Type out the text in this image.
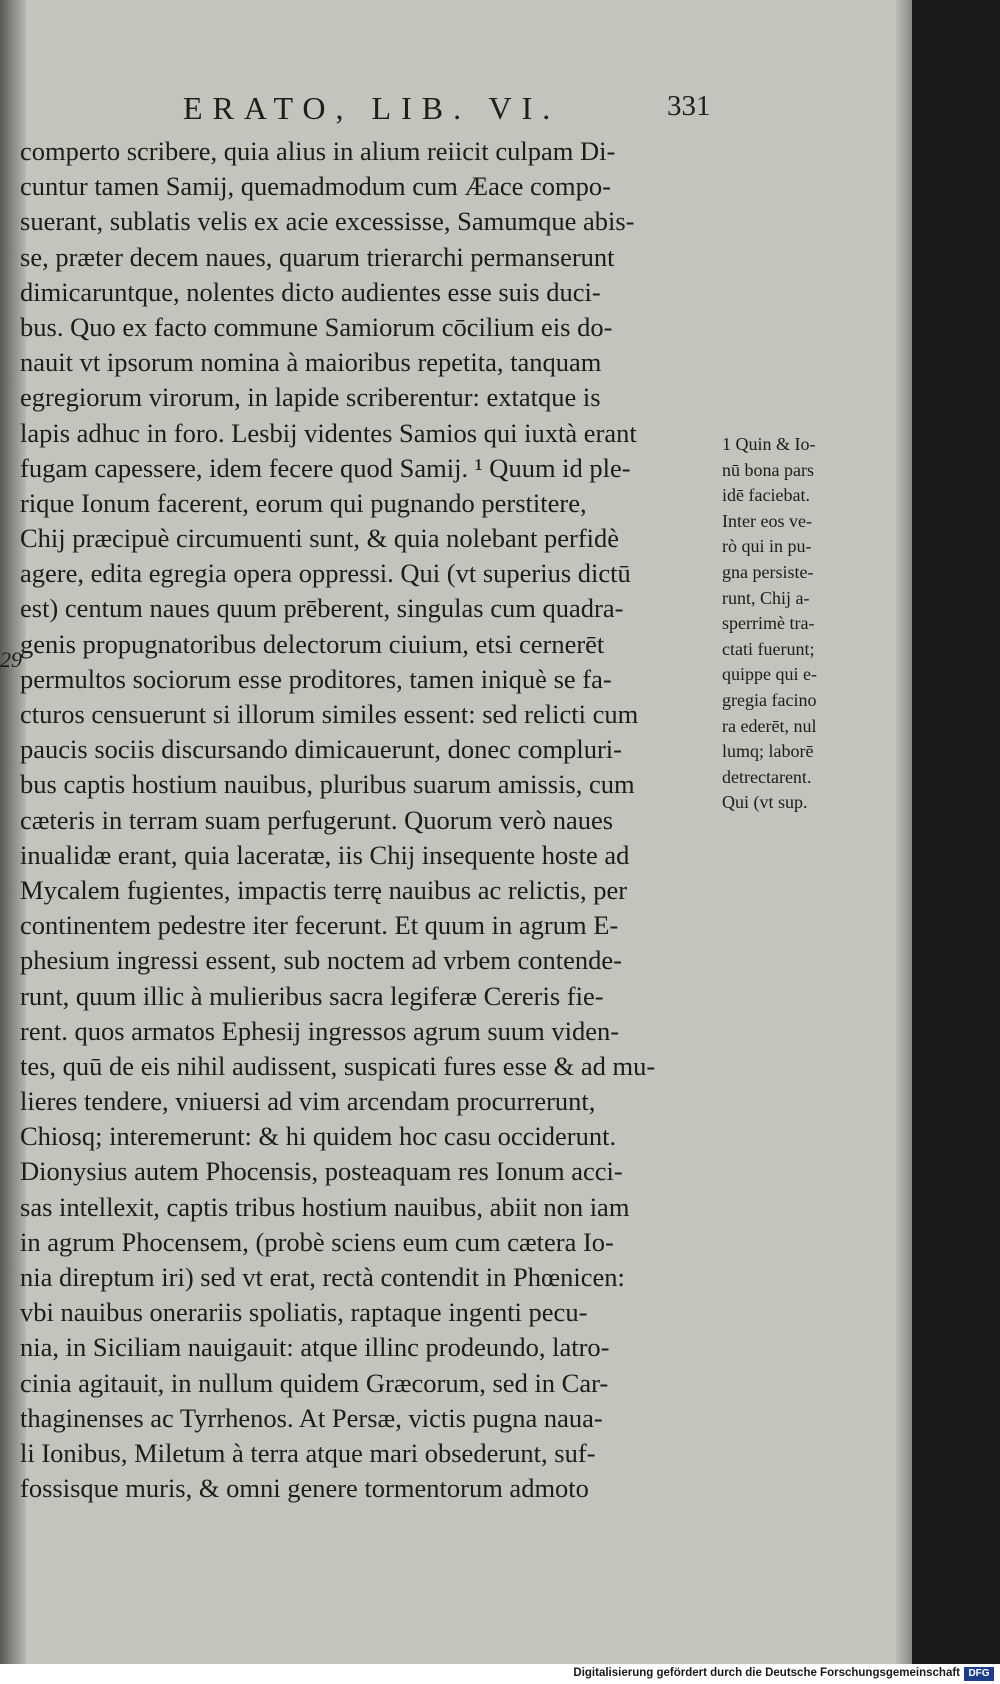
ERATO, LIB. VI.	331
comperto scribere, quia alius in alium reiicit culpam Di-
cuntur tamen Samij, quemadmodum cum Æace compo-
suerant, sublatis velis ex acie excessisse, Samumque abis-
se, præter decem naues, quarum trierarchi permanserunt
dimicaruntque, nolentes dicto audientes esse suis duci-
bus. Quo ex facto commune Samiorum cōcilium eis do-
nauit vt ipsorum nomina à maioribus repetita, tanquam
egregiorum virorum, in lapide scriberentur: extatque is
lapis adhuc in foro. Lesbij videntes Samios qui iuxtà erant
fugam capessere, idem fecere quod Samij. ¹ Quum id ple-
rique Ionum facerent, eorum qui pugnando perstitere,
Chij præcipuè circumuenti sunt, & quia nolebant perfidè
agere, edita egregia opera oppressi. Qui (vt superius dictū
est) centum naues quum prēberent, singulas cum quadra-
genis propugnatoribus delectorum ciuium, etsi cernerēt
permultos sociorum esse proditores, tamen iniquè se fa-
cturos censuerunt si illorum similes essent: sed relicti cum
paucis sociis discursando dimicauerunt, donec compluri-
bus captis hostium nauibus, pluribus suarum amissis, cum
cæteris in terram suam perfugerunt. Quorum verò naues
inualidæ erant, quia laceratæ, iis Chij insequente hoste ad
Mycalem fugientes, impactis terrę nauibus ac relictis, per
continentem pedestre iter fecerunt. Et quum in agrum E-
phesium ingressi essent, sub noctem ad vrbem contende-
runt, quum illic à mulieribus sacra legiferæ Cereris fie-
rent. quos armatos Ephesij ingressos agrum suum viden-
tes, quū de eis nihil audissent, suspicati fures esse & ad mu-
lieres tendere, vniuersi ad vim arcendam procurrerunt,
Chiosq; interemerunt: & hi quidem hoc casu occiderunt.
Dionysius autem Phocensis, posteaquam res Ionum acci-
sas intellexit, captis tribus hostium nauibus, abiit non iam
in agrum Phocensem, (probè sciens eum cum cætera Io-
nia direptum iri) sed vt erat, rectà contendit in Phœnicen:
vbi nauibus onerariis spoliatis, raptaque ingenti pecu-
nia, in Siciliam nauigauit: atque illinc prodeundo, latro-
cinia agitauit, in nullum quidem Græcorum, sed in Car-
thaginenses ac Tyrrhenos. At Persæ, victis pugna naua-
li Ionibus, Miletum à terra atque mari obsederunt, suf-
fossisque muris, & omni genere tormentorum admoto
1 Quin & Io-
nū bona pars
idē faciebat.
Inter eos ve-
rò qui in pu-
gna persiste-
runt, Chij a-
sperrimè tra-
ctati fuerunt;
quippe qui e-
gregia facino
ra ederēt, nul
lumq; laborē
detrectarent.
Qui (vt sup.
29
Digitalisierung gefördert durch die Deutsche Forschungsgemeinschaft DFG
